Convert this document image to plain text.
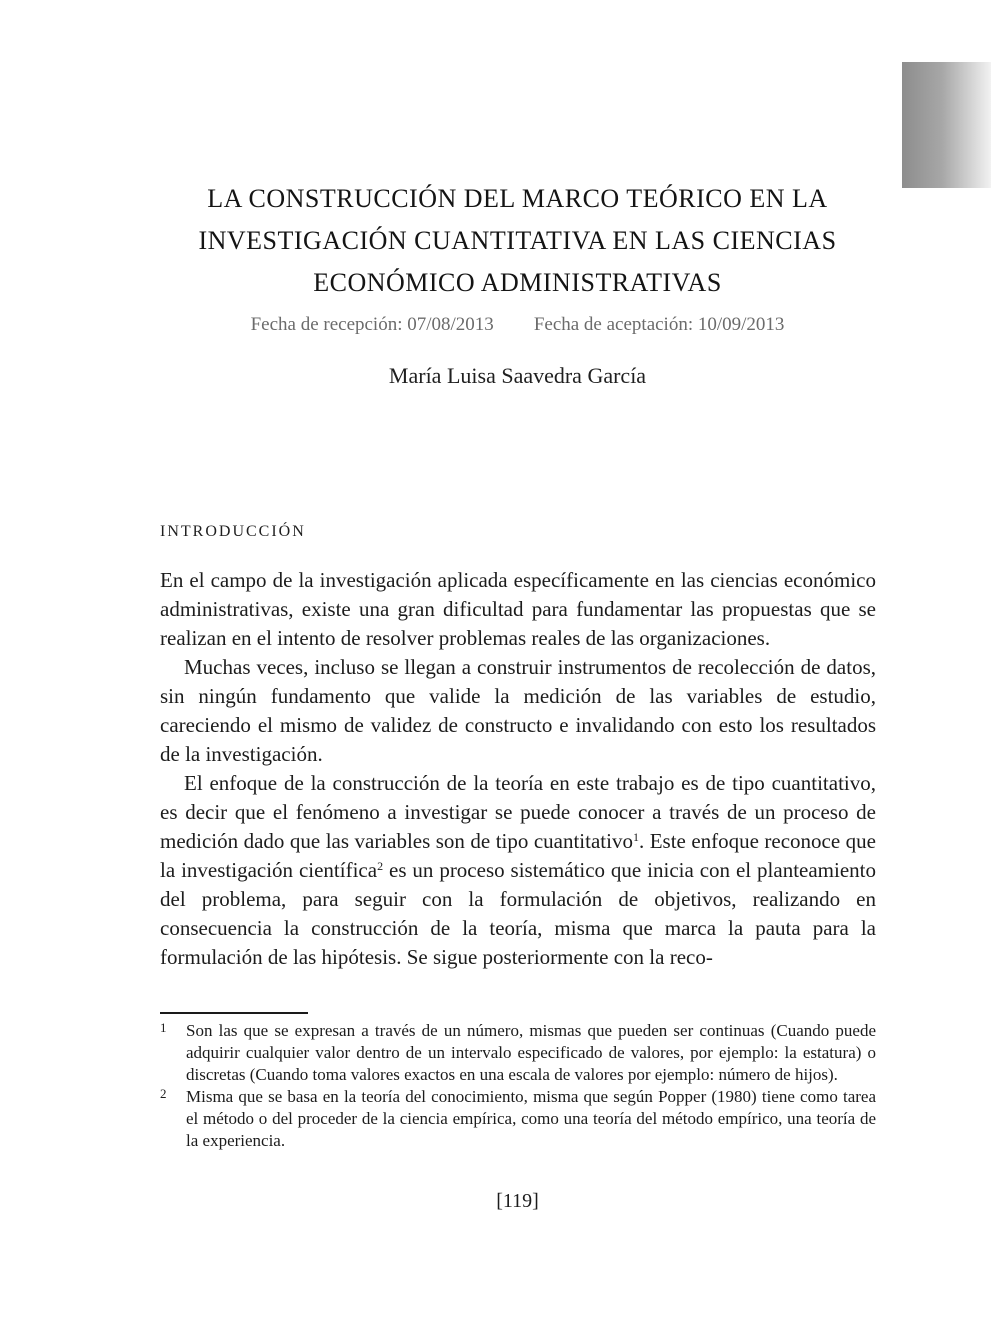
LA CONSTRUCCIÓN DEL MARCO TEÓRICO EN LA
INVESTIGACIÓN CUANTITATIVA EN LAS CIENCIAS
ECONÓMICO ADMINISTRATIVAS
Fecha de recepción: 07/08/2013 Fecha de aceptación: 10/09/2013
María Luisa Saavedra García
INTRODUCCIÓN

En el campo de la investigación aplicada específicamente en las ciencias económico administrativas, existe una gran dificultad para fundamentar las propuestas que se realizan en el intento de resolver problemas reales de las organizaciones.

Muchas veces, incluso se llegan a construir instrumentos de recolección de datos, sin ningún fundamento que valide la medición de las variables de estudio, careciendo el mismo de validez de constructo e invalidando con esto los resultados de la investigación.

El enfoque de la construcción de la teoría en este trabajo es de tipo cuantitativo, es decir que el fenómeno a investigar se puede conocer a través de un proceso de medición dado que las variables son de tipo cuantitativo$^1$. Este enfoque reconoce que la investigación científica$^2$ es un proceso sistemático que inicia con el planteamiento del problema, para seguir con la formulación de objetivos, realizando en consecuencia la construcción de la teoría, misma que marca la pauta para la formulación de las hipótesis. Se sigue posteriormente con la reco-

1 Son las que se expresan a través de un número, mismas que pueden ser continuas (Cuando puede adquirir cualquier valor dentro de un intervalo especificado de valores, por ejemplo: la estatura) o discretas (Cuando toma valores exactos en una escala de valores por ejemplo: número de hijos).
2 Misma que se basa en la teoría del conocimiento, misma que según Popper (1980) tiene como tarea el método o del proceder de la ciencia empírica, como una teoría del método empírico, una teoría de la experiencia.
[119]
